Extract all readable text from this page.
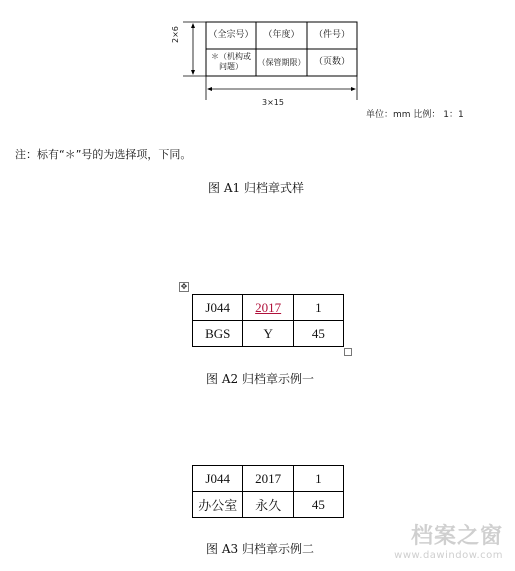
（全宗号）	（年度）	（件号）
＊（机构或问题）	（保管期限） （页数）
2×6
3×15
单位：mm 比例： 1：1
注：标有“＊”号的为选择项，下同。
图 A1 归档章式样
✥
J044	2017	1
BGS	Y	45
图 A2 归档章示例一
J044	2017	1
办公室	永久	45
图 A3 归档章示例二	档案之窗
www.dawindow.com
